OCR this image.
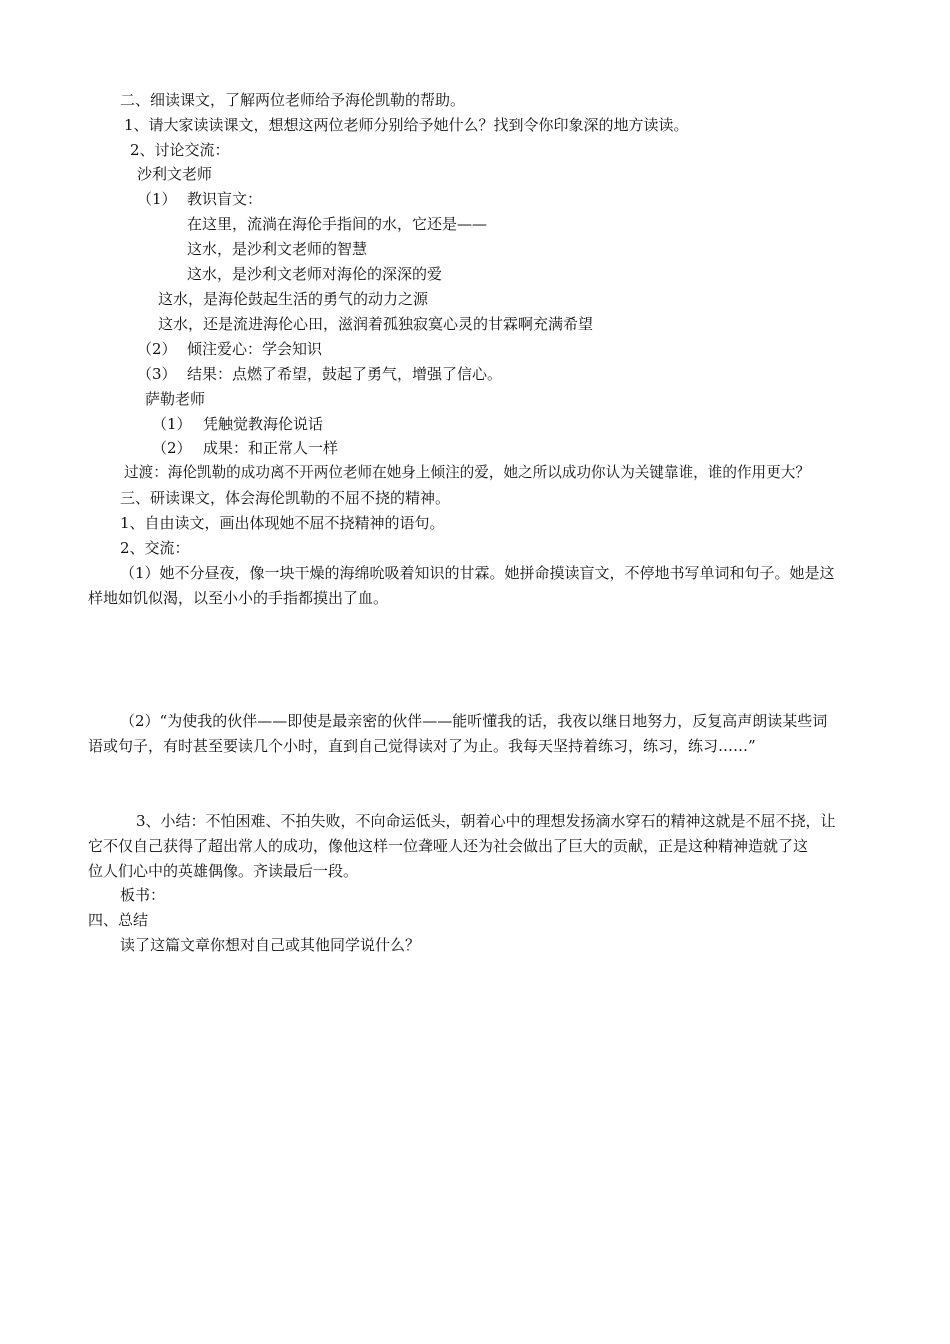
二、细读课文，了解两位老师给予海伦凯勒的帮助。
1、请大家读读课文，想想这两位老师分别给予她什么？找到令你印象深的地方读读。
2、讨论交流：
沙利文老师
（1） 教识盲文：
在这里，流淌在海伦手指间的水，它还是——
这水，是沙利文老师的智慧
这水，是沙利文老师对海伦的深深的爱
这水，是海伦鼓起生活的勇气的动力之源
这水，还是流进海伦心田，滋润着孤独寂寞心灵的甘霖啊充满希望
（2） 倾注爱心：学会知识
（3） 结果：点燃了希望，鼓起了勇气，增强了信心。
萨勒老师
（1） 凭触觉教海伦说话
（2） 成果：和正常人一样
过渡：海伦凯勒的成功离不开两位老师在她身上倾注的爱，她之所以成功你认为关键靠谁，谁的作用更大？
三、研读课文，体会海伦凯勒的不屈不挠的精神。
1、自由读文，画出体现她不屈不挠精神的语句。
2、交流：
（1）她不分昼夜，像一块干燥的海绵吮吸着知识的甘霖。她拼命摸读盲文，不停地书写单词和句子。她是这
样地如饥似渴，以至小小的手指都摸出了血。
（2）“为使我的伙伴——即使是最亲密的伙伴——能听懂我的话，我夜以继日地努力，反复高声朗读某些词
语或句子，有时甚至要读几个小时，直到自己觉得读对了为止。我每天坚持着练习，练习，练习……”
3、小结：不怕困难、不拍失败，不向命运低头，朝着心中的理想发扬滴水穿石的精神这就是不屈不挠，让
它不仅自己获得了超出常人的成功，像他这样一位聋哑人还为社会做出了巨大的贡献，正是这种精神造就了这
位人们心中的英雄偶像。齐读最后一段。
板书：
四、总结
读了这篇文章你想对自己或其他同学说什么？
